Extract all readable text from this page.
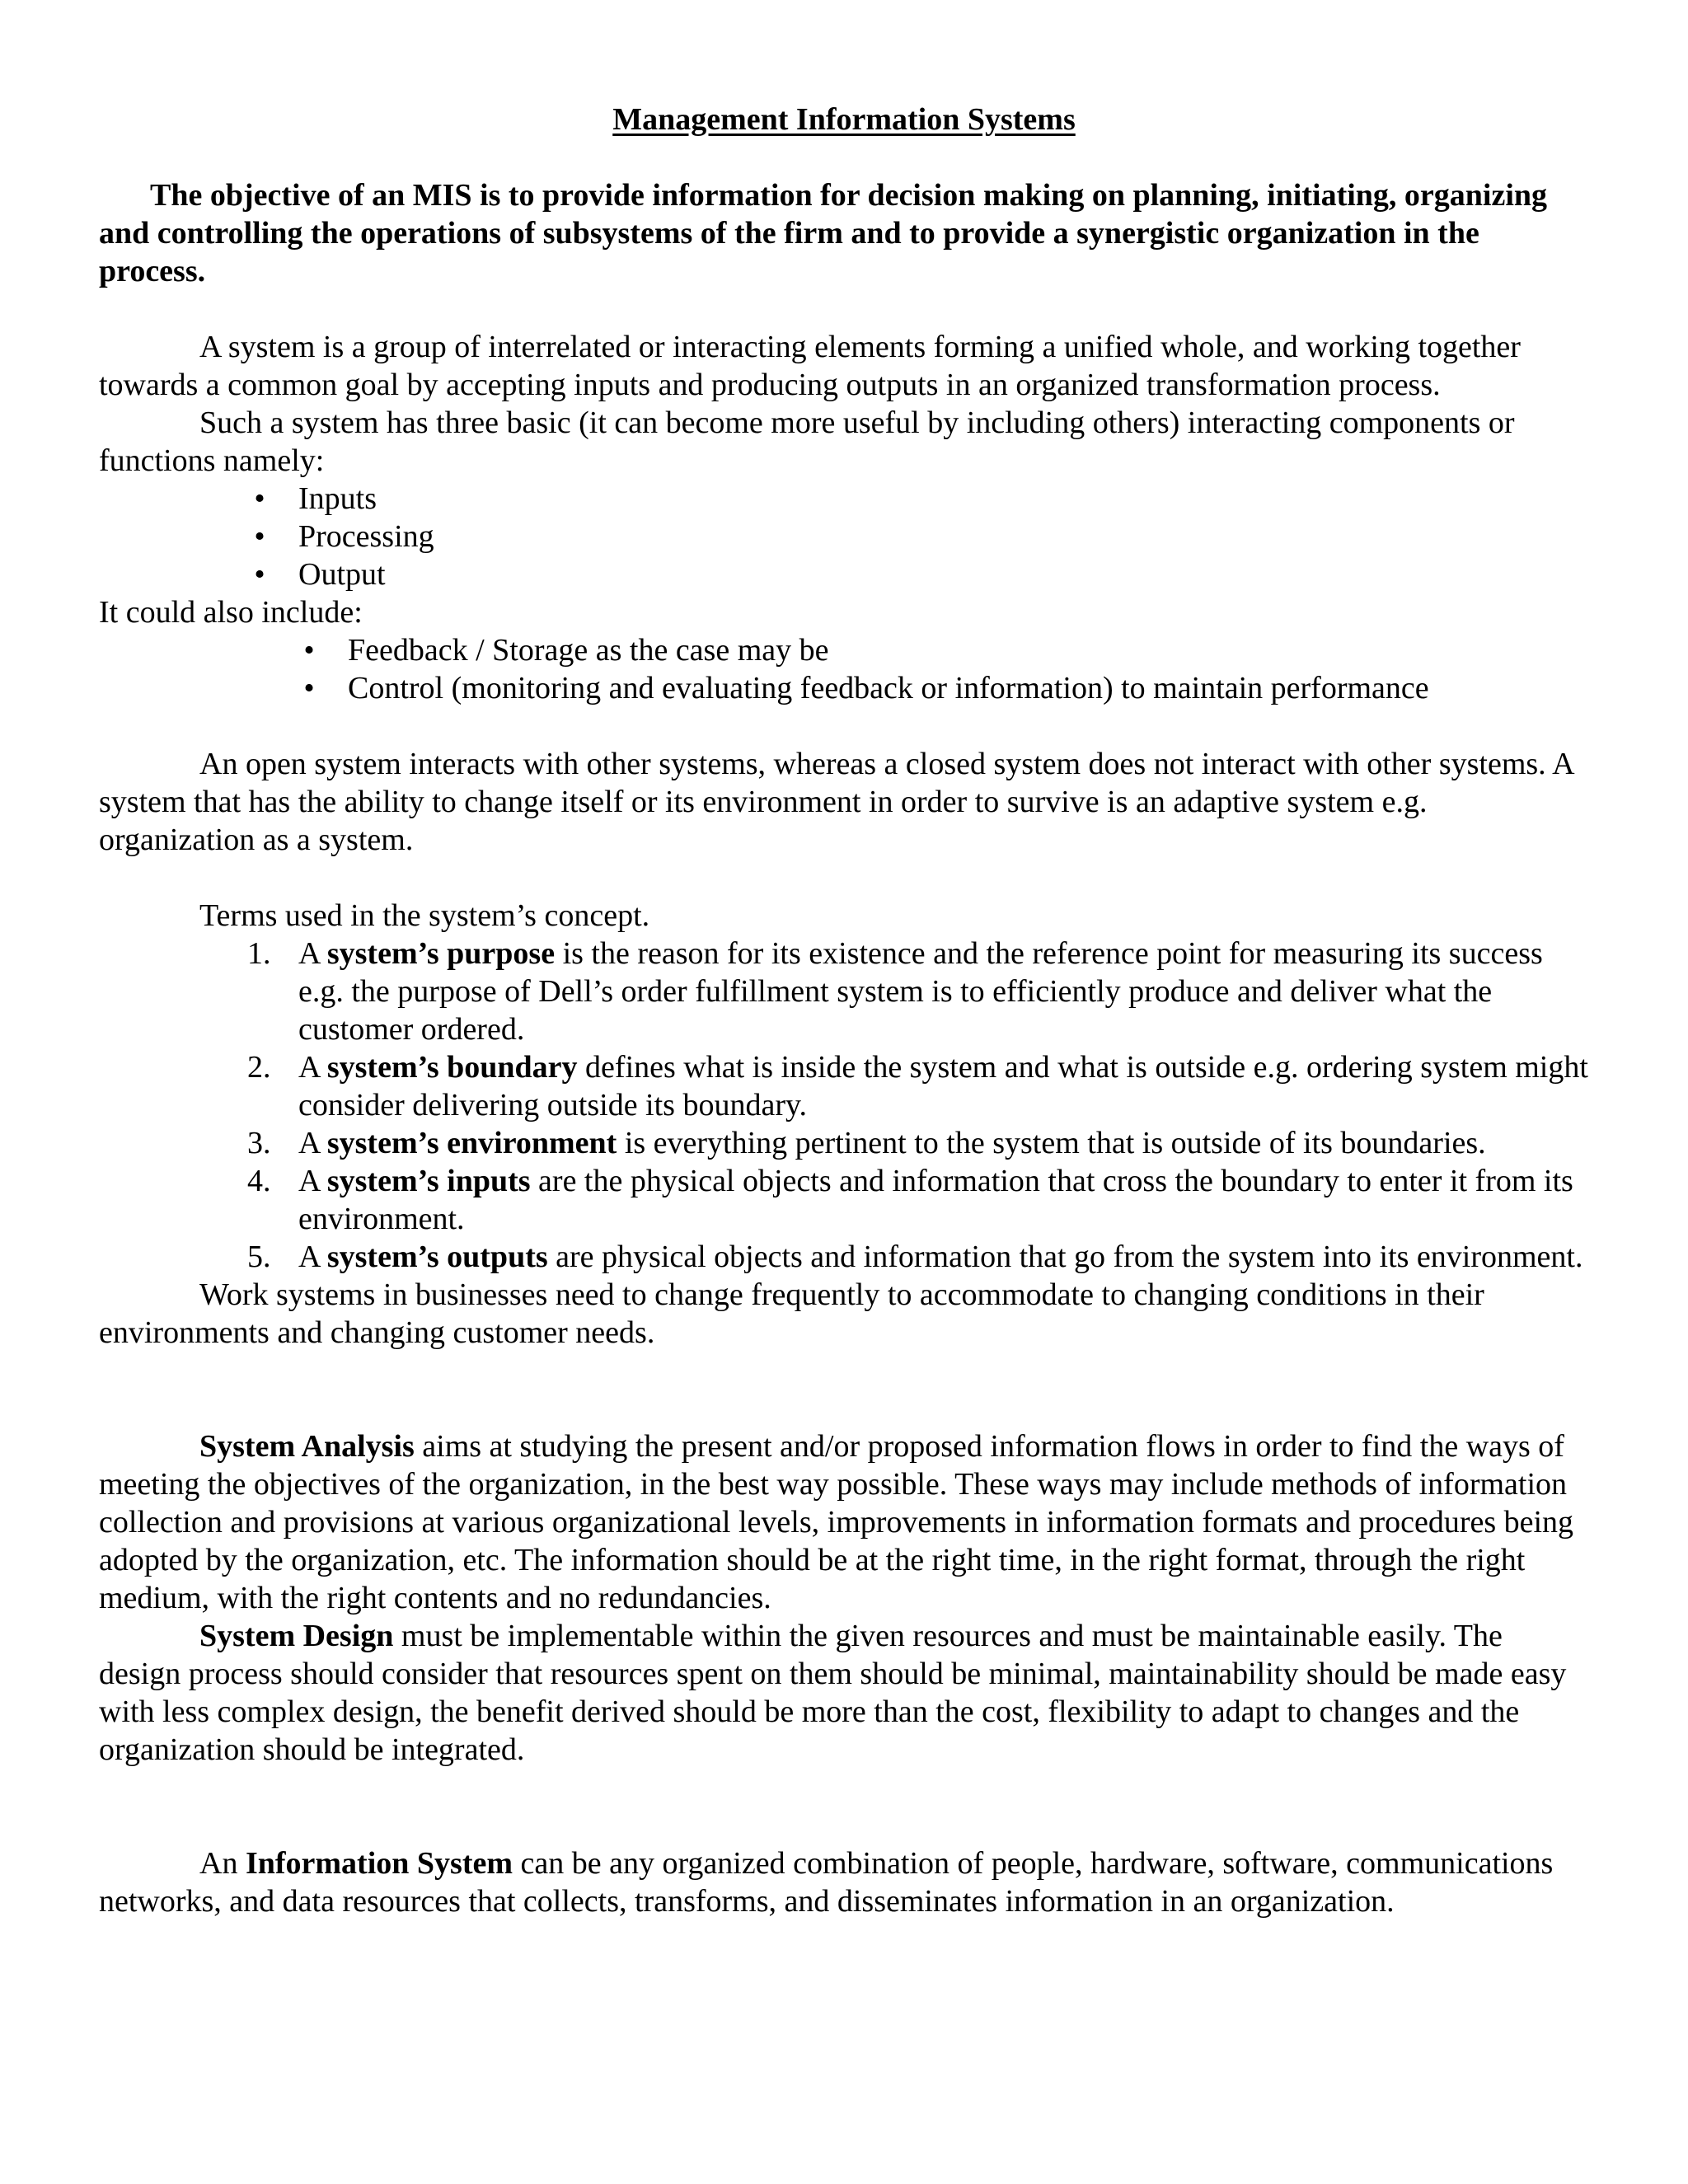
Management Information Systems

The objective of an MIS is to provide information for decision making on planning, initiating, organizing and controlling the operations of subsystems of the firm and to provide a synergistic organization in the process.

A system is a group of interrelated or interacting elements forming a unified whole, and working together towards a common goal by accepting inputs and producing outputs in an organized transformation process.

Such a system has three basic (it can become more useful by including others) interacting components or functions namely:

• Inputs
• Processing
• Output

It could also include:

• Feedback / Storage as the case may be
• Control (monitoring and evaluating feedback or information) to maintain performance

An open system interacts with other systems, whereas a closed system does not interact with other systems. A system that has the ability to change itself or its environment in order to survive is an adaptive system e.g. organization as a system.

Terms used in the system’s concept.

1. A system’s purpose is the reason for its existence and the reference point for measuring its success e.g. the purpose of Dell’s order fulfillment system is to efficiently produce and deliver what the customer ordered.
2. A system’s boundary defines what is inside the system and what is outside e.g. ordering system might consider delivering outside its boundary.
3. A system’s environment is everything pertinent to the system that is outside of its boundaries.
4. A system’s inputs are the physical objects and information that cross the boundary to enter it from its environment.
5. A system’s outputs are physical objects and information that go from the system into its environment.

Work systems in businesses need to change frequently to accommodate to changing conditions in their environments and changing customer needs.

System Analysis aims at studying the present and/or proposed information flows in order to find the ways of meeting the objectives of the organization, in the best way possible. These ways may include methods of information collection and provisions at various organizational levels, improvements in information formats and procedures being adopted by the organization, etc. The information should be at the right time, in the right format, through the right medium, with the right contents and no redundancies.

System Design must be implementable within the given resources and must be maintainable easily. The design process should consider that resources spent on them should be minimal, maintainability should be made easy with less complex design, the benefit derived should be more than the cost, flexibility to adapt to changes and the organization should be integrated.

An Information System can be any organized combination of people, hardware, software, communications networks, and data resources that collects, transforms, and disseminates information in an organization.
